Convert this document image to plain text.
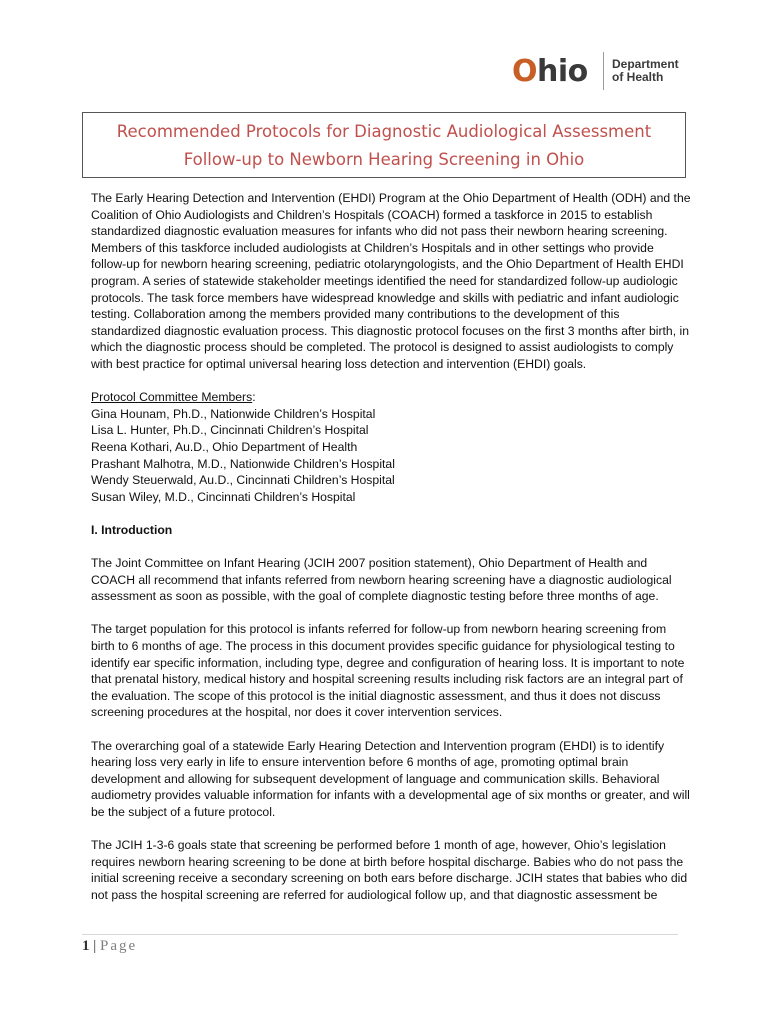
Ohio Department
of Health
Recommended Protocols for Diagnostic Audiological Assessment
Follow-up to Newborn Hearing Screening in Ohio

The Early Hearing Detection and Intervention (EHDI) Program at the Ohio Department of Health (ODH) and the Coalition of Ohio Audiologists and Children’s Hospitals (COACH) formed a taskforce in 2015 to establish standardized diagnostic evaluation measures for infants who did not pass their newborn hearing screening. Members of this taskforce included audiologists at Children’s Hospitals and in other settings who provide follow-up for newborn hearing screening, pediatric otolaryngologists, and the Ohio Department of Health EHDI program. A series of statewide stakeholder meetings identified the need for standardized follow-up audiologic protocols. The task force members have widespread knowledge and skills with pediatric and infant audiologic testing. Collaboration among the members provided many contributions to the development of this standardized diagnostic evaluation process. This diagnostic protocol focuses on the first 3 months after birth, in which the diagnostic process should be completed. The protocol is designed to assist audiologists to comply with best practice for optimal universal hearing loss detection and intervention (EHDI) goals.

Protocol Committee Members:

Gina Hounam, Ph.D., Nationwide Children’s Hospital

Lisa L. Hunter, Ph.D., Cincinnati Children’s Hospital

Reena Kothari, Au.D., Ohio Department of Health

Prashant Malhotra, M.D., Nationwide Children’s Hospital

Wendy Steuerwald, Au.D., Cincinnati Children’s Hospital

Susan Wiley, M.D., Cincinnati Children’s Hospital

I. Introduction

The Joint Committee on Infant Hearing (JCIH 2007 position statement), Ohio Department of Health and COACH all recommend that infants referred from newborn hearing screening have a diagnostic audiological assessment as soon as possible, with the goal of complete diagnostic testing before three months of age.

The target population for this protocol is infants referred for follow-up from newborn hearing screening from birth to 6 months of age. The process in this document provides specific guidance for physiological testing to identify ear specific information, including type, degree and configuration of hearing loss. It is important to note that prenatal history, medical history and hospital screening results including risk factors are an integral part of the evaluation. The scope of this protocol is the initial diagnostic assessment, and thus it does not discuss screening procedures at the hospital, nor does it cover intervention services.

The overarching goal of a statewide Early Hearing Detection and Intervention program (EHDI) is to identify hearing loss very early in life to ensure intervention before 6 months of age, promoting optimal brain development and allowing for subsequent development of language and communication skills. Behavioral audiometry provides valuable information for infants with a developmental age of six months or greater, and will be the subject of a future protocol.

The JCIH 1-3-6 goals state that screening be performed before 1 month of age, however, Ohio’s legislation requires newborn hearing screening to be done at birth before hospital discharge. Babies who do not pass the initial screening receive a secondary screening on both ears before discharge. JCIH states that babies who did not pass the hospital screening are referred for audiological follow up, and that diagnostic assessment be

1 | Page
